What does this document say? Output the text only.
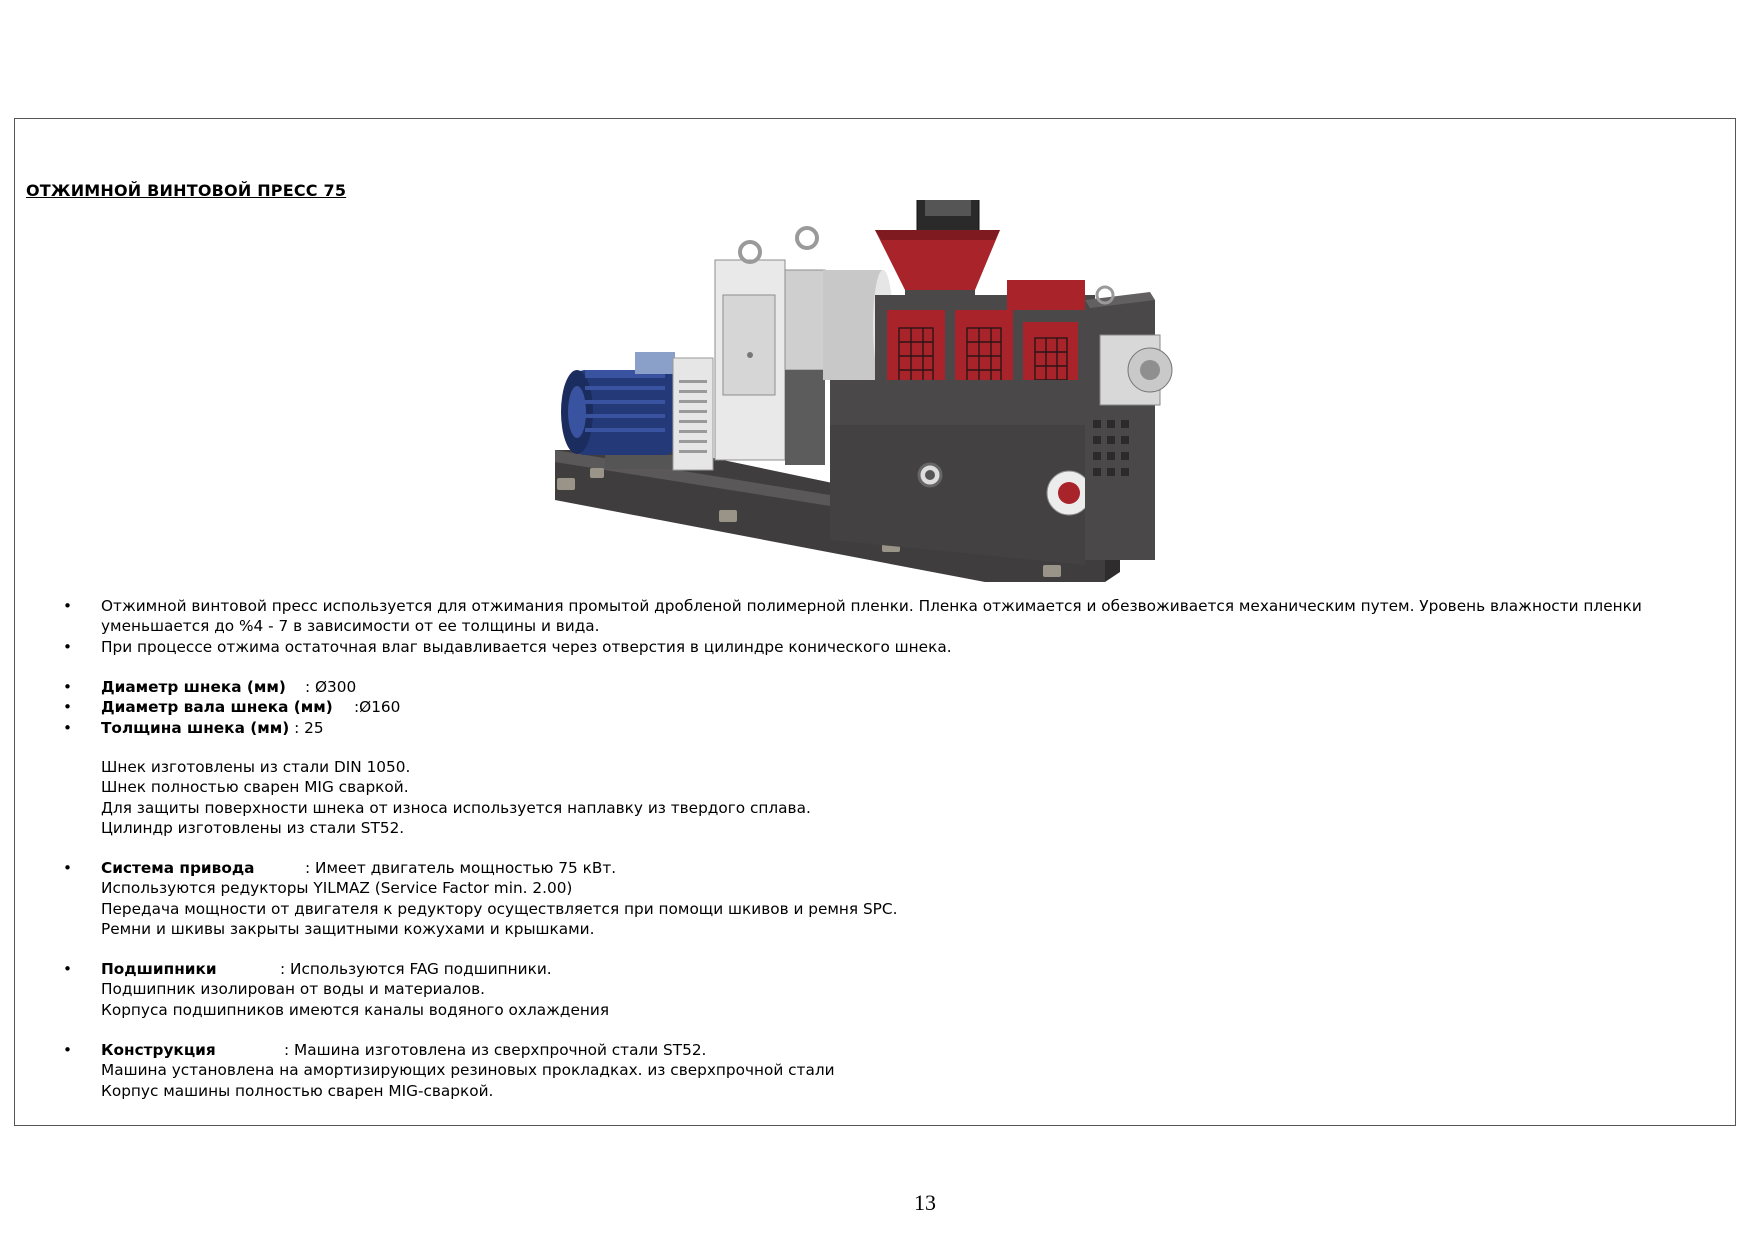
ОТЖИМНОЙ ВИНТОВОЙ ПРЕСС 75
• Отжимной винтовой пресс используется для отжимания промытой дробленой полимерной пленки. Пленка отжимается и обезвоживается механическим путем. Уровень влажности пленки уменьшается до %4 - 7 в зависимости от ее толщины и вида.
• При процессе отжима остаточная влаг выдавливается через отверстия в цилиндре конического шнека.
• Диаметр шнека (мм) : Ø300
• Диаметр вала шнека (мм) :Ø160
• Толщина шнека (мм) : 25
Шнек изготовлены из стали DIN 1050.
Шнек полностью сварен MIG сваркой.
Для защиты поверхности шнека от износа используется наплавку из твердого сплава.
Цилиндр изготовлены из стали ST52.
• Система привода	: Имеет двигатель мощностью 75 кВт.
Используются редукторы YILMAZ (Service Factor min. 2.00)
Передача мощности от двигателя к редуктору осуществляется при помощи шкивов и ремня SPC.
Ремни и шкивы закрыты защитными кожухами и крышками.
• Подшипники	: Используются FAG подшипники.
Подшипник изолирован от воды и материалов.
Корпуса подшипников имеются каналы водяного охлаждения
• Конструкция	: Машина изготовлена из сверхпрочной стали ST52.
Машина установлена на амортизирующих резиновых прокладках. из сверхпрочной стали
Корпус машины полностью сварен MIG-сваркой.
13
